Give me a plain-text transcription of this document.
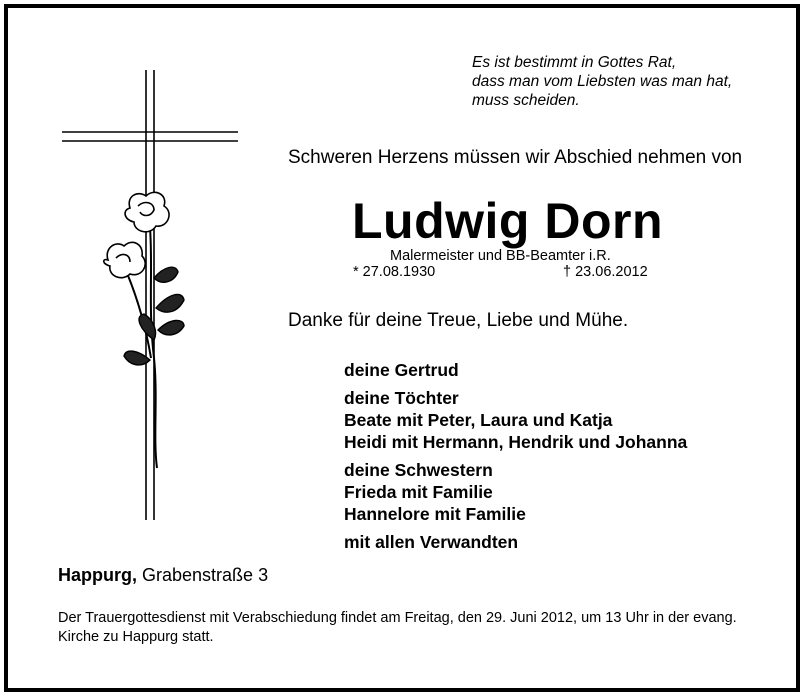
Es ist bestimmt in Gottes Rat,
dass man vom Liebsten was man hat,
muss scheiden.
Schweren Herzens müssen wir Abschied nehmen von
Ludwig Dorn
Malermeister und BB-Beamter i.R.
* 27.08.1930	† 23.06.2012
Danke für deine Treue, Liebe und Mühe.
deine Gertrud
deine Töchter
Beate mit Peter, Laura und Katja
Heidi mit Hermann, Hendrik und Johanna
deine Schwestern
Frieda mit Familie
Hannelore mit Familie
mit allen Verwandten
Happurg, Grabenstraße 3
Der Trauergottesdienst mit Verabschiedung findet am Freitag, den 29. Juni 2012, um 13 Uhr in der evang. Kirche zu Happurg statt.
